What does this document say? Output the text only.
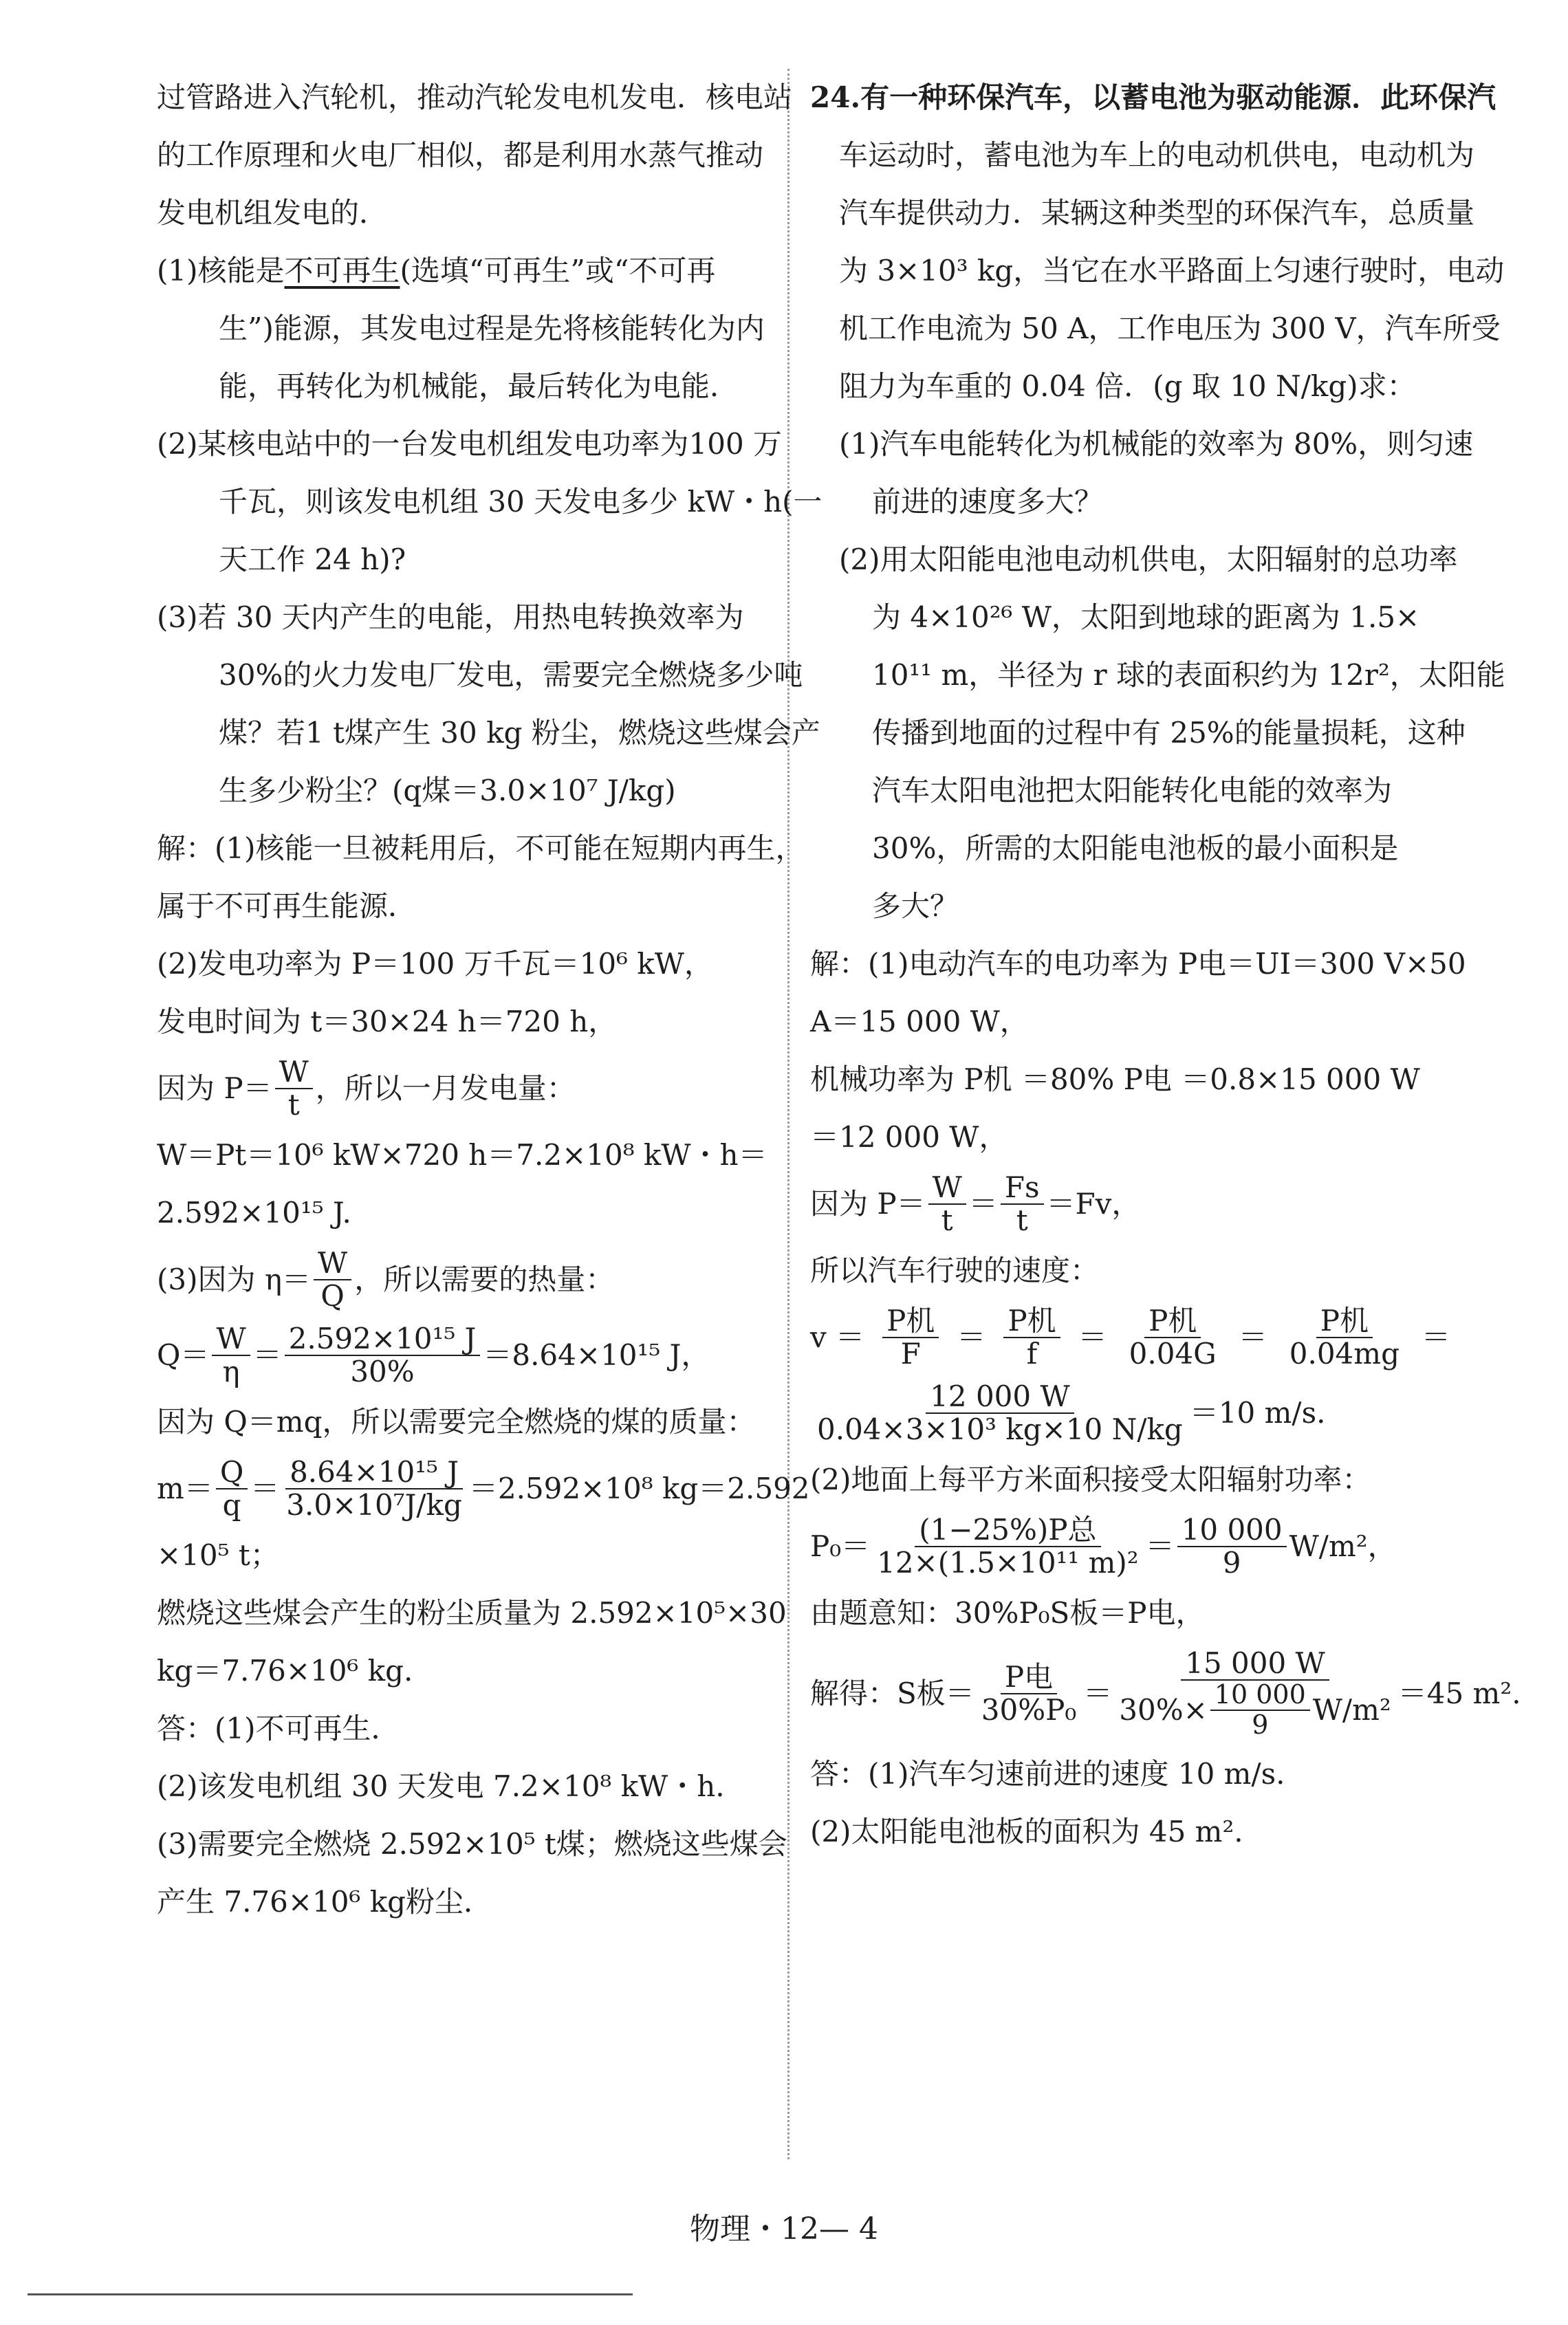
过管路进入汽轮机，推动汽轮发电机发电．核电站

的工作原理和火电厂相似，都是利用水蒸气推动

发电机组发电的．

(1)核能是不可再生(选填“可再生”或“不可再

生”)能源，其发电过程是先将核能转化为内

能，再转化为机械能，最后转化为电能．

(2)某核电站中的一台发电机组发电功率为100 万

千瓦，则该发电机组 30 天发电多少 kW・h(一

天工作 24 h)?

(3)若 30 天内产生的电能，用热电转换效率为

30%的火力发电厂发电，需要完全燃烧多少吨

煤？若1 t煤产生 30 kg 粉尘，燃烧这些煤会产

生多少粉尘？(q煤＝3.0×10⁷ J/kg)

解：(1)核能一旦被耗用后，不可能在短期内再生，

属于不可再生能源．

(2)发电功率为 P＝100 万千瓦＝10⁶ kW，

发电时间为 t＝30×24 h＝720 h，

因为 $P= \frac{W}{t}$ ，所以一月发电量：

W＝Pt＝10⁶ kW×720 h＝7.2×10⁸ kW・h＝

2.592×10¹⁵ J.

(3)因为 $\eta= \frac{W}{Q}$ ，所以需要的热量：
$Q= \frac{W}{\eta} = \frac{\text{2.592×10¹⁵ J}}{30\%} =8.64\times 10^{15}$ J，

因为 Q＝mq，所以需要完全燃烧的煤的质量：

$m= \frac{Q}{q} = \frac{\text{8.64×10¹⁵ J}}{\text{3.0×10⁷J/kg}} =2.592\times 10^8$ kg＝2.592

×10⁵ t；

燃烧这些煤会产生的粉尘质量为 2.592×10⁵×30

kg＝7.76×10⁶ kg.

答：(1)不可再生．

(2)该发电机组 30 天发电 7.2×10⁸ kW・h.

(3)需要完全燃烧 2.592×10⁵ t煤；燃烧这些煤会

产生 7.76×10⁶ kg粉尘．

24.有一种环保汽车，以蓄电池为驱动能源．此环保汽

车运动时，蓄电池为车上的电动机供电，电动机为

汽车提供动力．某辆这种类型的环保汽车，总质量

为 3×10³ kg，当它在水平路面上匀速行驶时，电动

机工作电流为 50 A，工作电压为 300 V，汽车所受

阻力为车重的 0.04 倍．(g 取 10 N/kg)求：

(1)汽车电能转化为机械能的效率为 80%，则匀速

前进的速度多大？

(2)用太阳能电池电动机供电，太阳辐射的总功率

为 4×10²⁶ W，太阳到地球的距离为 1.5×

10¹¹ m，半径为 r 球的表面积约为 12r²，太阳能

传播到地面的过程中有 25%的能量损耗，这种

汽车太阳电池把太阳能转化电能的效率为

30%，所需的太阳能电池板的最小面积是

多大？

解：(1)电动汽车的电功率为 P电＝UI＝300 V×50

A＝15 000 W，

机械功率为 P机 ＝80% P电 ＝0.8×15 000 W

＝12 000 W，

因为 $P= \frac{W}{t} = \frac{Fs}{t} =Fv$，

所以汽车行驶的速度：

$v = \frac{\text{P机}}{F} = \frac{\text{P机}}{f} = \frac{\text{P机}}{0.04G} = \frac{\text{P机}}{0.04mg}$ ＝
$\frac{12 000 W}{\text{0.04×3×10³ kg×10 N/kg}} =10$ m/s.

(2)地面上每平方米面积接受太阳辐射功率：

$P_0= \frac{\text{(1−25\%)P总}}{\text{12×(1.5×10¹¹ m)²}} = \frac{10 000}{9} W/m^2$，

由题意知：30%P₀S板＝P电，

解得：S板＝ $\frac{\text{P电}}{\text{30\%P₀}} = \frac{15 000 W}{30\%\times \frac{10 000}{9} W/m^2} =45$ m².

答：(1)汽车匀速前进的速度 10 m/s.

(2)太阳能电池板的面积为 45 m².

物理・12— 4
